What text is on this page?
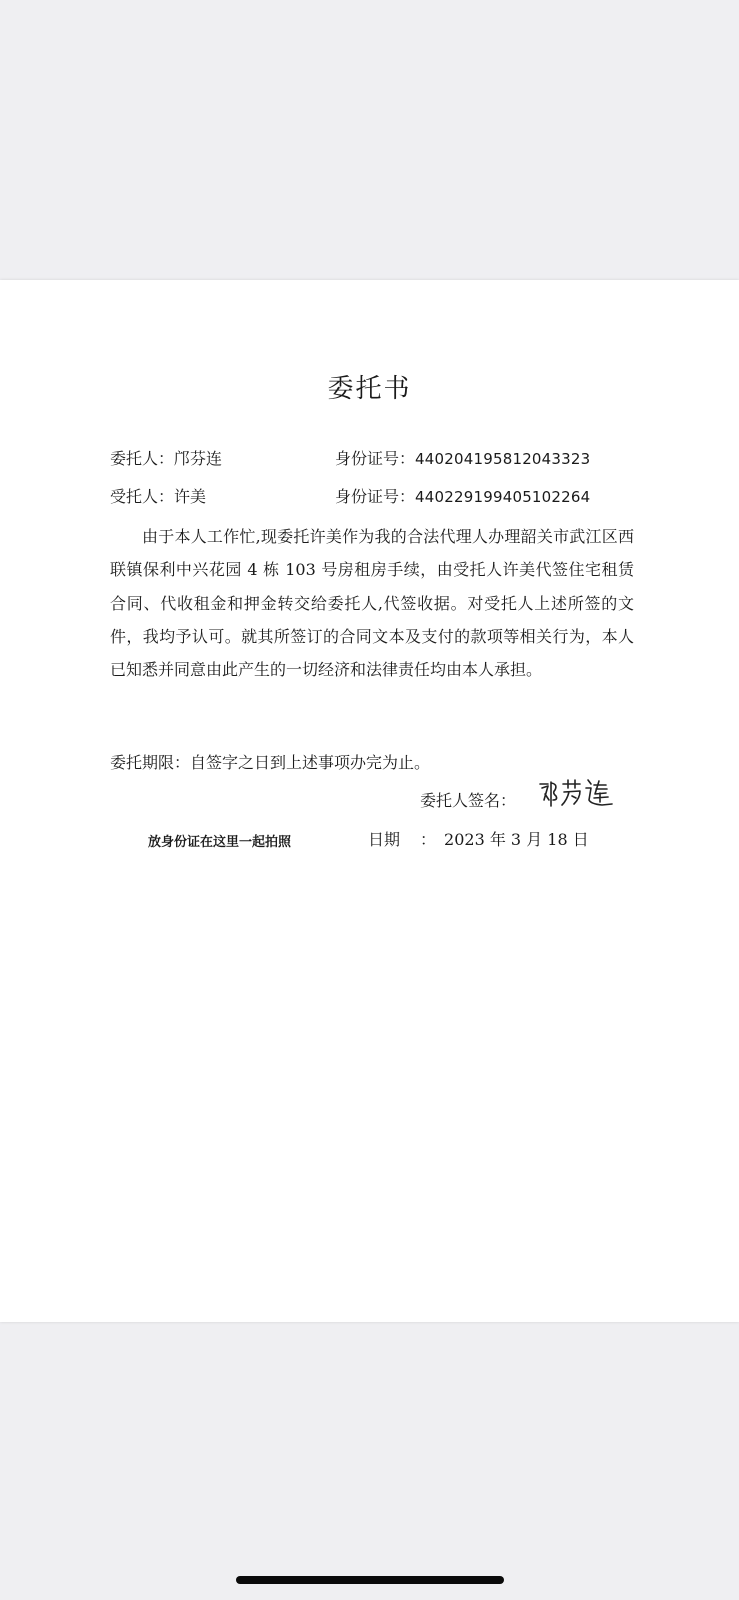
委托书
委托人：邝芬连	身份证号：440204195812043323
受托人：许美	身份证号：440229199405102264

由于本人工作忙,现委托许美作为我的合法代理人办理韶关市武江区西联镇保利中兴花园 4 栋 103 号房租房手续，由受托人许美代签住宅租赁合同、代收租金和押金转交给委托人,代签收据。对受托人上述所签的文件，我均予认可。就其所签订的合同文本及支付的款项等相关行为，本人已知悉并同意由此产生的一切经济和法律责任均由本人承担。

委托期限：自签字之日到上述事项办完为止。
委托人签名：
放身份证在这里一起拍照	日期 ： 2023 年 3 月 18 日
